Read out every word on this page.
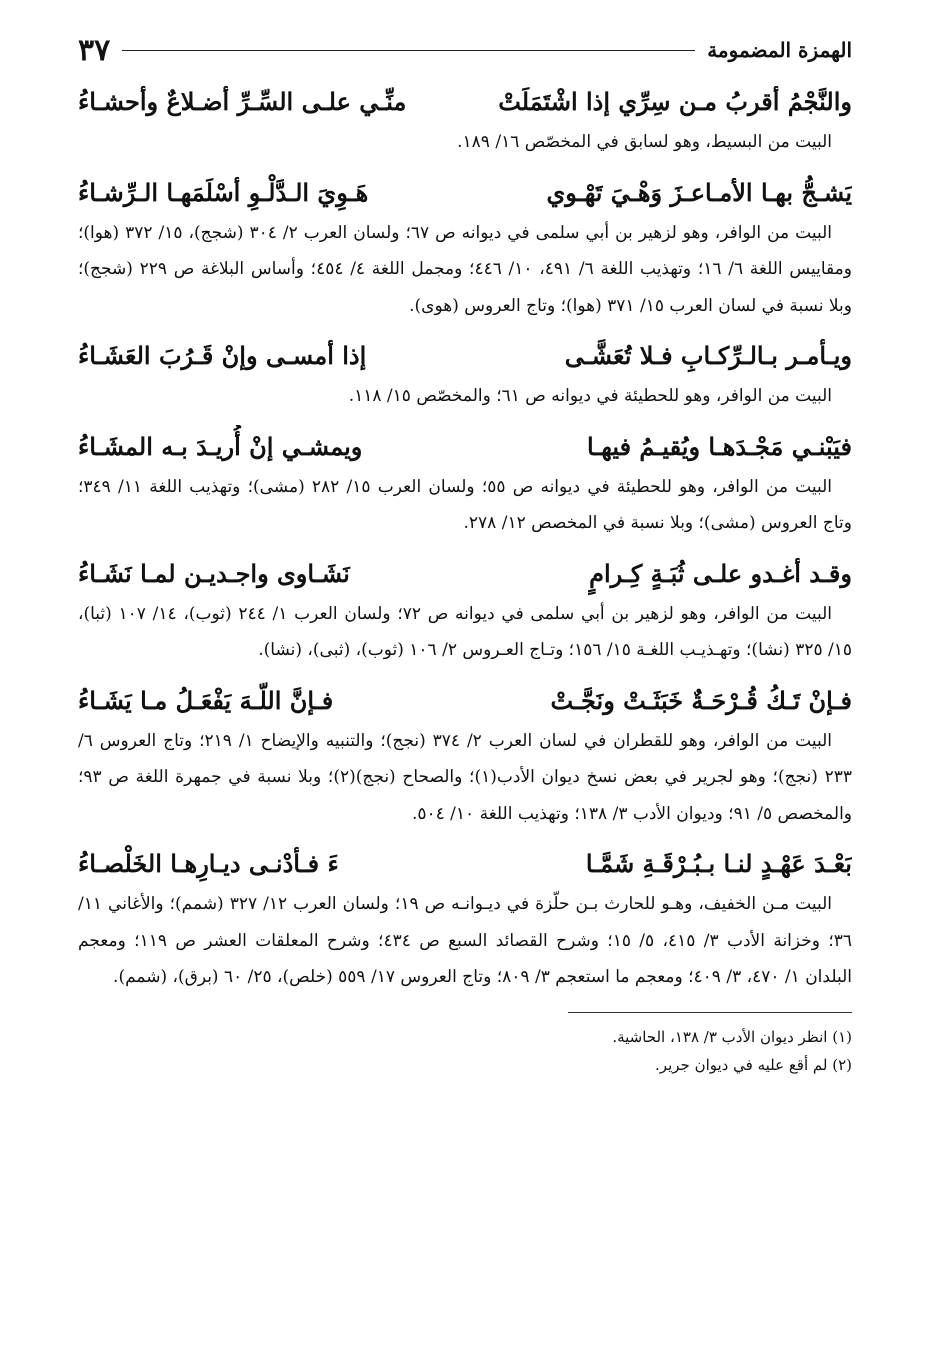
الهمزة المضمومة
٣٧
والنَّجْمُ أقربُ مـن سِرِّي إذا اشْتَمَلَتْ
منِّـي علـى السِّـرِّ أضـلاعٌ وأحشـاءُ
البيت من البسيط، وهو لسابق في المخصّص ١٦/ ١٨٩.
يَشـجُّ بهـا الأمـاعـزَ وَهْـيَ تَهْـوي
هَـوِيَ الـدَّلْـوِ أسْلَمَهـا الـرِّشـاءُ
البيت من الوافر، وهو لزهير بن أبي سلمى في ديوانه ص ٦٧؛ ولسان العرب ٢/ ٣٠٤ (شجج)، ١٥/ ٣٧٢ (هوا)؛ ومقاييس اللغة ٦/ ١٦؛ وتهذيب اللغة ٦/ ٤٩١، ١٠/ ٤٤٦؛ ومجمل اللغة ٤/ ٤٥٤؛ وأساس البلاغة ص ٢٢٩ (شجج)؛ وبلا نسبة في لسان العرب ١٥/ ٣٧١ (هوا)؛ وتاج العروس (هوى).
ويـأمـر بـالـرِّكـابِ فـلا تُعَشَّـى
إذا أمسـى وإنْ قَـرُبَ العَشَـاءُ
البيت من الوافر، وهو للحطيئة في ديوانه ص ٦١؛ والمخصّص ١٥/ ١١٨.
فيَبْنـي مَجْـدَهـا ويُقيـمُ فيهـا
ويمشـي إنْ أُريـدَ بـه المشَـاءُ
البيت من الوافر، وهو للحطيئة في ديوانه ص ٥٥؛ ولسان العرب ١٥/ ٢٨٢ (مشى)؛ وتهذيب اللغة ١١/ ٣٤٩؛ وتاج العروس (مشى)؛ وبلا نسبة في المخصص ١٢/ ٢٧٨.
وقـد أغـدو علـى ثُبَـةٍ كِـرامٍ
نَشَـاوى واجـديـن لمـا نَشَـاءُ
البيت من الوافر، وهو لزهير بن أبي سلمى في ديوانه ص ٧٢؛ ولسان العرب ١/ ٢٤٤ (ثوب)، ١٤/ ١٠٧ (ثبا)، ١٥/ ٣٢٥ (نشا)؛ وتهـذيـب اللغـة ١٥/ ١٥٦؛ وتـاج العـروس ٢/ ١٠٦ (ثوب)، (ثبى)، (نشا).
فـإنْ تَـكُ قُـرْحَـةٌ خَبَثَـتْ ونَجَّـتْ
فـإنَّ اللّـهَ يَفْعَـلُ مـا يَشَـاءُ
البيت من الوافر، وهو للقطران في لسان العرب ٢/ ٣٧٤ (نجج)؛ والتنبيه والإيضاح ١/ ٢١٩؛ وتاج العروس ٦/ ٢٣٣ (نجج)؛ وهو لجرير في بعض نسخ ديوان الأدب(١)؛ والصحاح (نجج)(٢)؛ وبلا نسبة في جمهرة اللغة ص ٩٣؛ والمخصص ٥/ ٩١؛ وديوان الأدب ٣/ ١٣٨؛ وتهذيب اللغة ١٠/ ٥٠٤.
بَعْـدَ عَهْـدٍ لنـا بـبُـرْقَـةِ شَمَّـا
ءَ فـأدْنـى ديـارِهـا الخَلْصـاءُ
البيت مـن الخفيف، وهـو للحارث بـن حلّزة في ديـوانـه ص ١٩؛ ولسان العرب ١٢/ ٣٢٧ (شمم)؛ والأغاني ١١/ ٣٦؛ وخزانة الأدب ٣/ ٤١٥، ٥/ ١٥؛ وشرح القصائد السبع ص ٤٣٤؛ وشرح المعلقات العشر ص ١١٩؛ ومعجم البلدان ١/ ٤٧٠، ٣/ ٤٠٩؛ ومعجم ما استعجم ٣/ ٨٠٩؛ وتاج العروس ١٧/ ٥٥٩ (خلص)، ٢٥/ ٦٠ (برق)، (شمم).
(١) انظر ديوان الأدب ٣/ ١٣٨، الحاشية.
(٢) لم أقع عليه في ديوان جرير.
